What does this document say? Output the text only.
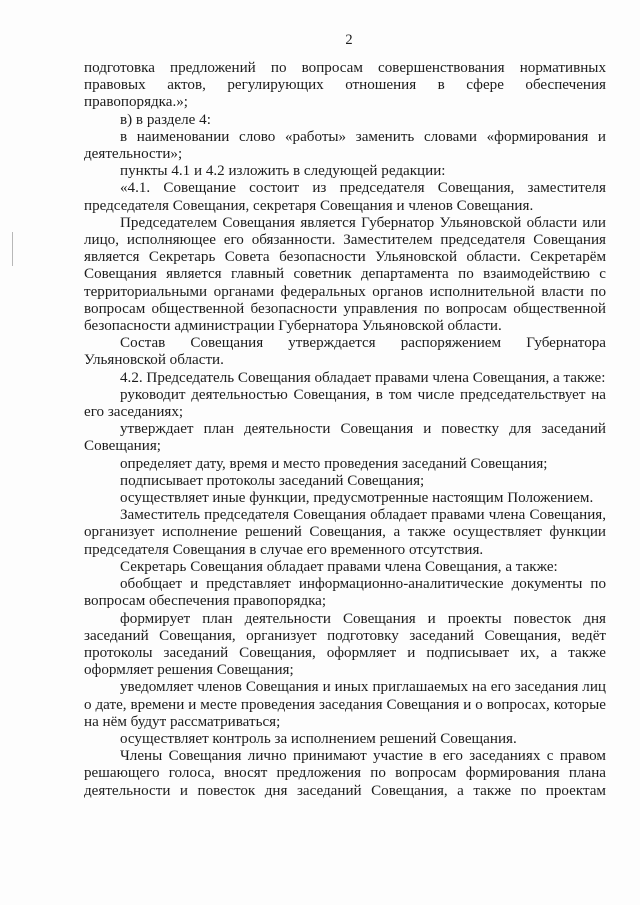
2

подготовка предложений по вопросам совершенствования нормативных правовых актов, регулирующих отношения в сфере обеспечения правопорядка.»;

в) в разделе 4:

в наименовании слово «работы» заменить словами «формирования и деятельности»;

пункты 4.1 и 4.2 изложить в следующей редакции:

«4.1. Совещание состоит из председателя Совещания, заместителя председателя Совещания, секретаря Совещания и членов Совещания.

Председателем Совещания является Губернатор Ульяновской области или лицо, исполняющее его обязанности. Заместителем председателя Совещания является Секретарь Совета безопасности Ульяновской области. Секретарём Совещания является главный советник департамента по взаимодействию с территориальными органами федеральных органов исполнительной власти по вопросам общественной безопасности управления по вопросам общественной безопасности администрации Губернатора Ульяновской области.

Состав Совещания утверждается распоряжением Губернатора Ульяновской области.

4.2. Председатель Совещания обладает правами члена Совещания, а также:

руководит деятельностью Совещания, в том числе председательствует на его заседаниях;

утверждает план деятельности Совещания и повестку для заседаний Совещания;

определяет дату, время и место проведения заседаний Совещания;

подписывает протоколы заседаний Совещания;

осуществляет иные функции, предусмотренные настоящим Положением.

Заместитель председателя Совещания обладает правами члена Совещания, организует исполнение решений Совещания, а также осуществляет функции председателя Совещания в случае его временного отсутствия.

Секретарь Совещания обладает правами члена Совещания, а также:

обобщает и представляет информационно-аналитические документы по вопросам обеспечения правопорядка;

формирует план деятельности Совещания и проекты повесток дня заседаний Совещания, организует подготовку заседаний Совещания, ведёт протоколы заседаний Совещания, оформляет и подписывает их, а также оформляет решения Совещания;

уведомляет членов Совещания и иных приглашаемых на его заседания лиц о дате, времени и месте проведения заседания Совещания и о вопросах, которые на нём будут рассматриваться;

осуществляет контроль за исполнением решений Совещания.

Члены Совещания лично принимают участие в его заседаниях с правом решающего голоса, вносят предложения по вопросам формирования плана деятельности и повесток дня заседаний Совещания, а также по проектам
